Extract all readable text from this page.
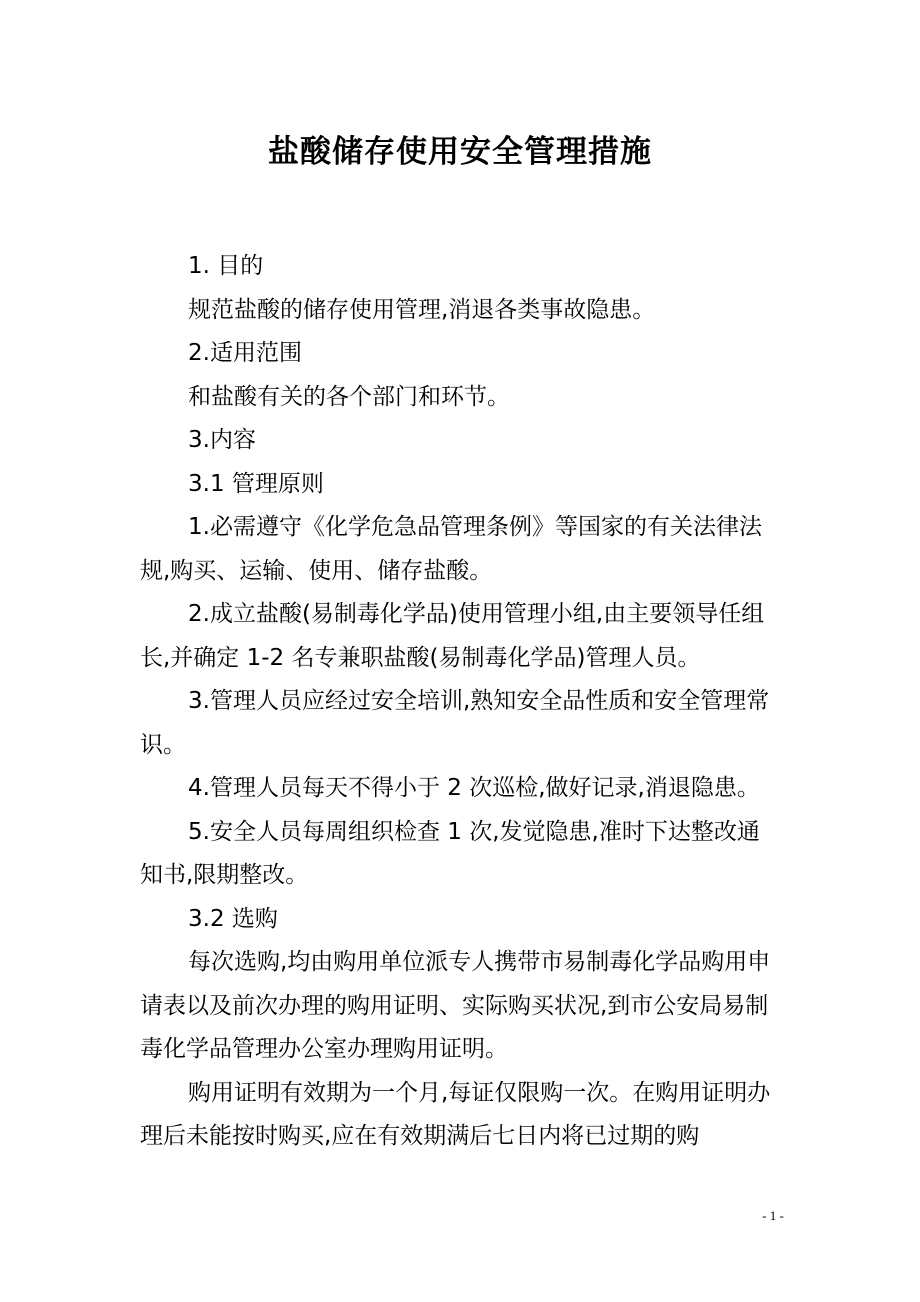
盐酸储存使用安全管理措施

1. 目的

规范盐酸的储存使用管理,消退各类事故隐患。

2.适用范围

和盐酸有关的各个部门和环节。

3.内容

3.1 管理原则

1.必需遵守《化学危急品管理条例》等国家的有关法律法规,购买、运输、使用、储存盐酸。

2.成立盐酸(易制毒化学品)使用管理小组,由主要领导任组长,并确定 1-2 名专兼职盐酸(易制毒化学品)管理人员。

3.管理人员应经过安全培训,熟知安全品性质和安全管理常识。

4.管理人员每天不得小于 2 次巡检,做好记录,消退隐患。

5.安全人员每周组织检查 1 次,发觉隐患,准时下达整改通知书,限期整改。

3.2 选购

每次选购,均由购用单位派专人携带市易制毒化学品购用申请表以及前次办理的购用证明、实际购买状况,到市公安局易制毒化学品管理办公室办理购用证明。

购用证明有效期为一个月,每证仅限购一次。在购用证明办理后未能按时购买,应在有效期满后七日内将已过期的购

- 1 -
